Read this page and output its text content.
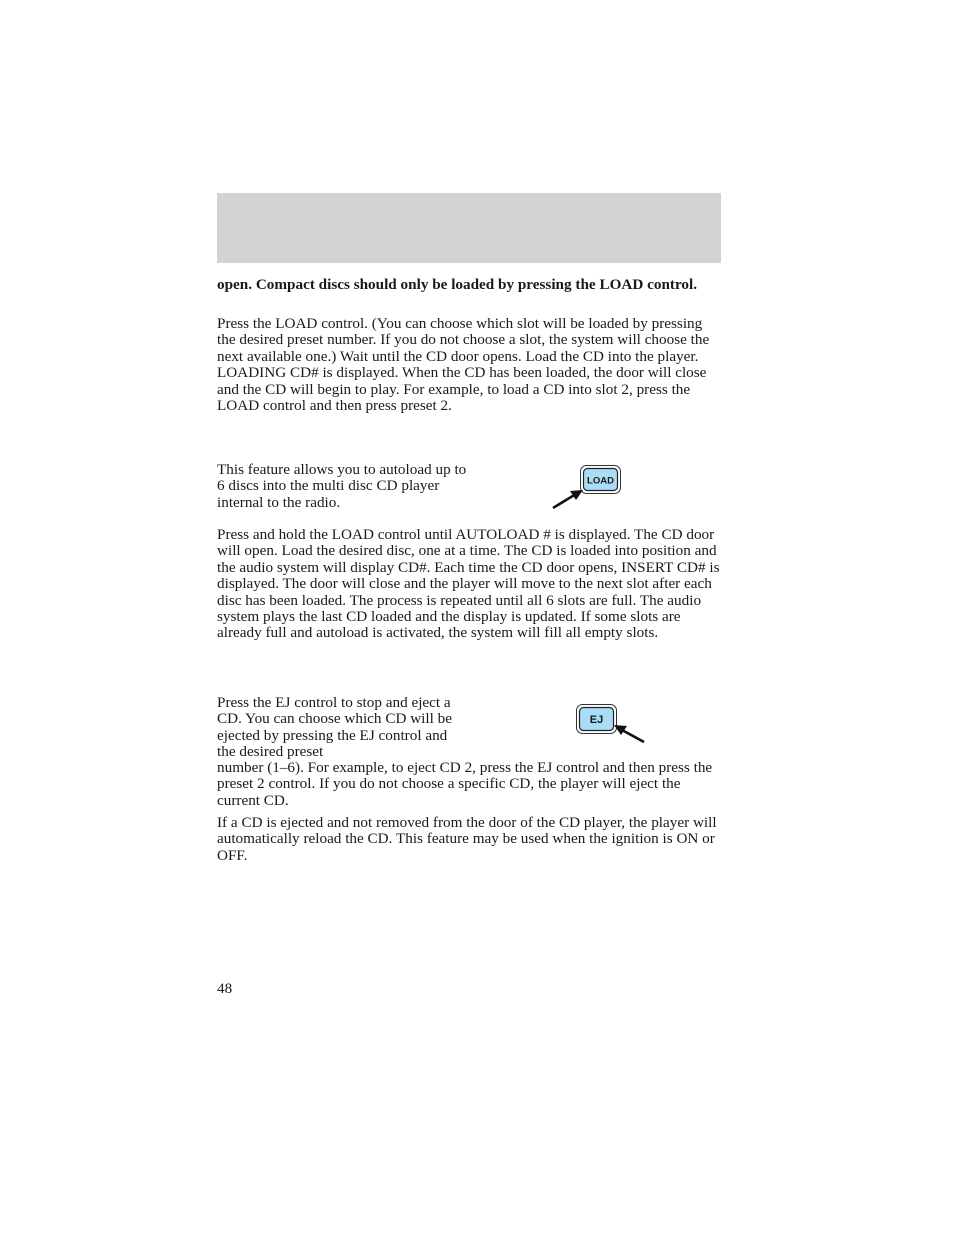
open. Compact discs should only be loaded by pressing the LOAD control.

Press the LOAD control. (You can choose which slot will be loaded by pressing the desired preset number. If you do not choose a slot, the system will choose the next available one.) Wait until the CD door opens. Load the CD into the player. LOADING CD# is displayed. When the CD has been loaded, the door will close and the CD will begin to play. For example, to load a CD into slot 2, press the LOAD control and then press preset 2.

This feature allows you to autoload up to 6 discs into the multi disc CD player internal to the radio.

LOAD

Press and hold the LOAD control until AUTOLOAD # is displayed. The CD door will open. Load the desired disc, one at a time. The CD is loaded into position and the audio system will display CD#. Each time the CD door opens, INSERT CD# is displayed. The door will close and the player will move to the next slot after each disc has been loaded. The process is repeated until all 6 slots are full. The audio system plays the last CD loaded and the display is updated. If some slots are already full and autoload is activated, the system will fill all empty slots.

Press the EJ control to stop and eject a CD. You can choose which CD will be ejected by pressing the EJ control and the desired preset

EJ

number (1–6). For example, to eject CD 2, press the EJ control and then press the preset 2 control. If you do not choose a specific CD, the player will eject the current CD.

If a CD is ejected and not removed from the door of the CD player, the player will automatically reload the CD. This feature may be used when the ignition is ON or OFF.

48
